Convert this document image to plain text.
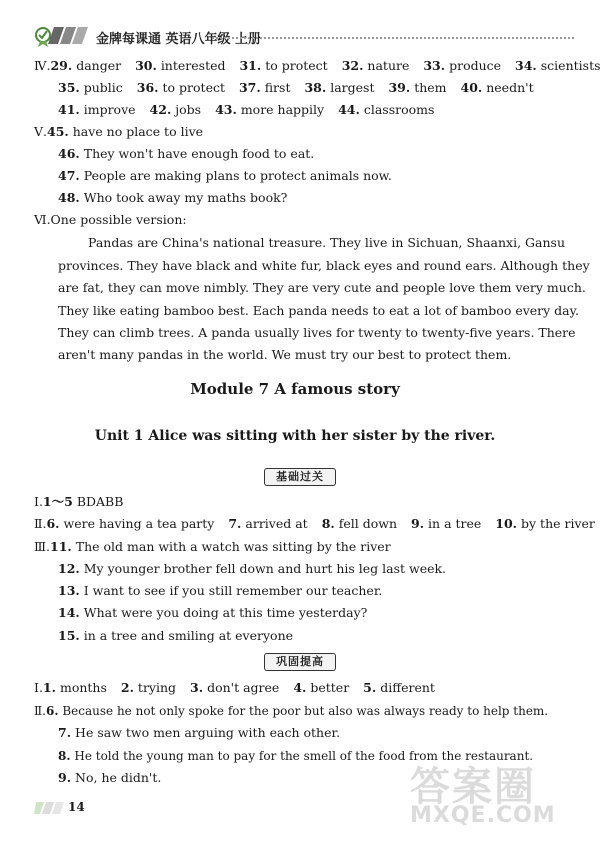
金牌每课通 英语八年级 上册
Ⅳ.29. danger 30. interested 31. to protect 32. nature 33. produce 34. scientists
35. public 36. to protect 37. first 38. largest 39. them 40. needn't
41. improve 42. jobs 43. more happily 44. classrooms
Ⅴ.45. have no place to live
46. They won't have enough food to eat.
47. People are making plans to protect animals now.
48. Who took away my maths book?
Ⅵ.One possible version:
Pandas are China's national treasure. They live in Sichuan, Shaanxi, Gansu
provinces. They have black and white fur, black eyes and round ears. Although they
are fat, they can move nimbly. They are very cute and people love them very much.
They like eating bamboo best. Each panda needs to eat a lot of bamboo every day.
They can climb trees. A panda usually lives for twenty to twenty-five years. There
aren't many pandas in the world. We must try our best to protect them.
Module 7 A famous story
Unit 1 Alice was sitting with her sister by the river.
基础过关
Ⅰ.1～5 BDABB
Ⅱ.6. were having a tea party 7. arrived at 8. fell down 9. in a tree 10. by the river
Ⅲ.11. The old man with a watch was sitting by the river
12. My younger brother fell down and hurt his leg last week.
13. I want to see if you still remember our teacher.
14. What were you doing at this time yesterday?
15. in a tree and smiling at everyone
巩固提高
Ⅰ.1. months 2. trying 3. don't agree 4. better 5. different
Ⅱ.6. Because he not only spoke for the poor but also was always ready to help them.
7. He saw two men arguing with each other.
8. He told the young man to pay for the smell of the food from the restaurant.
9. No, he didn't.
14	答案圈
MXQE.COM
